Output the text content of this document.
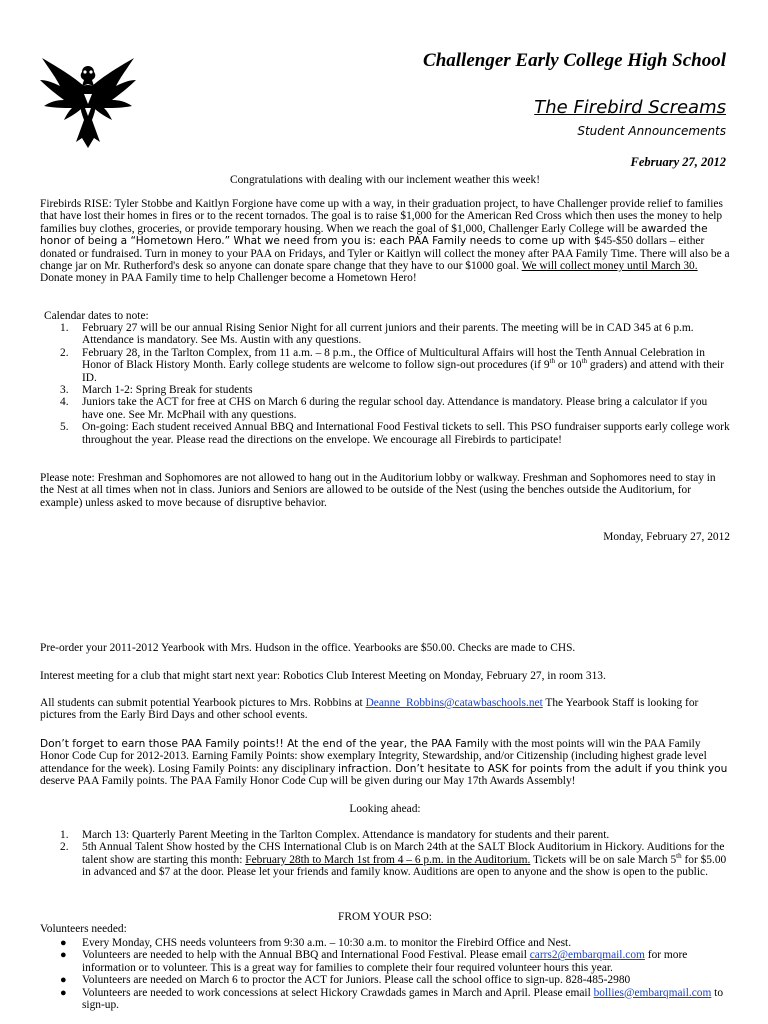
Challenger Early College High School
The Firebird Screams
Student Announcements
February 27, 2012

Congratulations with dealing with our inclement weather this week!

Firebirds RISE: Tyler Stobbe and Kaitlyn Forgione have come up with a way, in their graduation project, to have Challenger provide relief to families that have lost their homes in fires or to the recent tornados. The goal is to raise $1,000 for the American Red Cross which then uses the money to help families buy clothes, groceries, or provide temporary housing. When we reach the goal of $1,000, Challenger Early College will be awarded the honor of being a “Hometown Hero.” What we need from you is: each PAA Family needs to come up with $45-$50 dollars – either donated or fundraised. Turn in money to your PAA on Fridays, and Tyler or Kaitlyn will collect the money after PAA Family Time. There will also be a change jar on Mr. Rutherford's desk so anyone can donate spare change that they have to our $1000 goal. We will collect money until March 30. Donate money in PAA Family time to help Challenger become a Hometown Hero!

Calendar dates to note:

1. February 27 will be our annual Rising Senior Night for all current juniors and their parents. The meeting will be in CAD 345 at 6 p.m. Attendance is mandatory. See Ms. Austin with any questions.
2. February 28, in the Tarlton Complex, from 11 a.m. – 8 p.m., the Office of Multicultural Affairs will host the Tenth Annual Celebration in Honor of Black History Month. Early college students are welcome to follow sign-out procedures (if 9th or 10th graders) and attend with their ID.
3. March 1-2: Spring Break for students
4. Juniors take the ACT for free at CHS on March 6 during the regular school day. Attendance is mandatory. Please bring a calculator if you have one. See Mr. McPhail with any questions.
5. On-going: Each student received Annual BBQ and International Food Festival tickets to sell. This PSO fundraiser supports early college work throughout the year. Please read the directions on the envelope. We encourage all Firebirds to participate!

Please note: Freshman and Sophomores are not allowed to hang out in the Auditorium lobby or walkway. Freshman and Sophomores need to stay in the Nest at all times when not in class. Juniors and Seniors are allowed to be outside of the Nest (using the benches outside the Auditorium, for example) unless asked to move because of disruptive behavior.

Monday, February 27, 2012

Pre-order your 2011-2012 Yearbook with Mrs. Hudson in the office. Yearbooks are $50.00. Checks are made to CHS.

Interest meeting for a club that might start next year: Robotics Club Interest Meeting on Monday, February 27, in room 313.

All students can submit potential Yearbook pictures to Mrs. Robbins at Deanne_Robbins@catawbaschools.net The Yearbook Staff is looking for pictures from the Early Bird Days and other school events.

Don’t forget to earn those PAA Family points!! At the end of the year, the PAA Family with the most points will win the PAA Family Honor Code Cup for 2012-2013. Earning Family Points: show exemplary Integrity, Stewardship, and/or Citizenship (including highest grade level attendance for the week). Losing Family Points: any disciplinary infraction. Don’t hesitate to ASK for points from the adult if you think you deserve PAA Family points. The PAA Family Honor Code Cup will be given during our May 17th Awards Assembly!

Looking ahead:

1. March 13: Quarterly Parent Meeting in the Tarlton Complex. Attendance is mandatory for students and their parent.
2. 5th Annual Talent Show hosted by the CHS International Club is on March 24th at the SALT Block Auditorium in Hickory. Auditions for the talent show are starting this month: February 28th to March 1st from 4 – 6 p.m. in the Auditorium. Tickets will be on sale March 5th for $5.00 in advanced and $7 at the door. Please let your friends and family know. Auditions are open to anyone and the show is open to the public.

FROM YOUR PSO:

Volunteers needed:

● Every Monday, CHS needs volunteers from 9:30 a.m. – 10:30 a.m. to monitor the Firebird Office and Nest.
● Volunteers are needed to help with the Annual BBQ and International Food Festival. Please email carrs2@embarqmail.com for more information or to volunteer. This is a great way for families to complete their four required volunteer hours this year.
● Volunteers are needed on March 6 to proctor the ACT for Juniors. Please call the school office to sign-up. 828-485-2980
● Volunteers are needed to work concessions at select Hickory Crawdads games in March and April. Please email bollies@embarqmail.com to sign-up.
